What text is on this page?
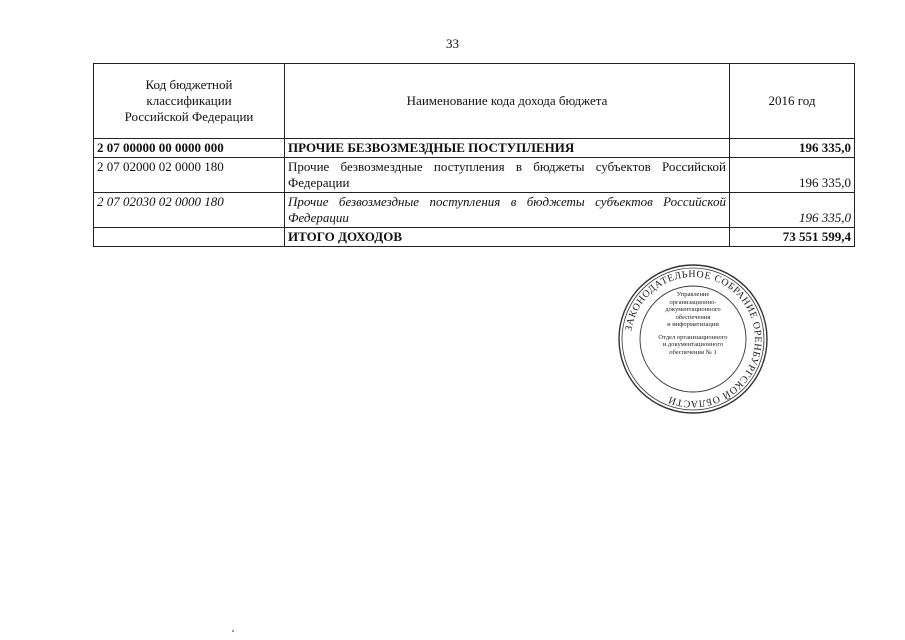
33
Код бюджетной
классификации
Российской Федерации	Наименование кода дохода бюджета	2016 год
2 07 00000 00 0000 000	ПРОЧИЕ БЕЗВОЗМЕЗДНЫЕ ПОСТУПЛЕНИЯ	196 335,0
2 07 02000 02 0000 180	Прочие безвозмездные поступления в бюджеты субъектов Российской Федерации	196 335,0
2 07 02030 02 0000 180	Прочие безвозмездные поступления в бюджеты субъектов Российской Федерации	196 335,0
	ИТОГО ДОХОДОВ	73 551 599,4
ЗАКОНОДАТЕЛЬНОЕ СОБРАНИЕ ОРЕНБУРГСКОЙ ОБЛАСТИ
Управление
организационно-
документационного
обеспечения
и информатизации
Отдел организационного
и документационного
обеспечения № 1
